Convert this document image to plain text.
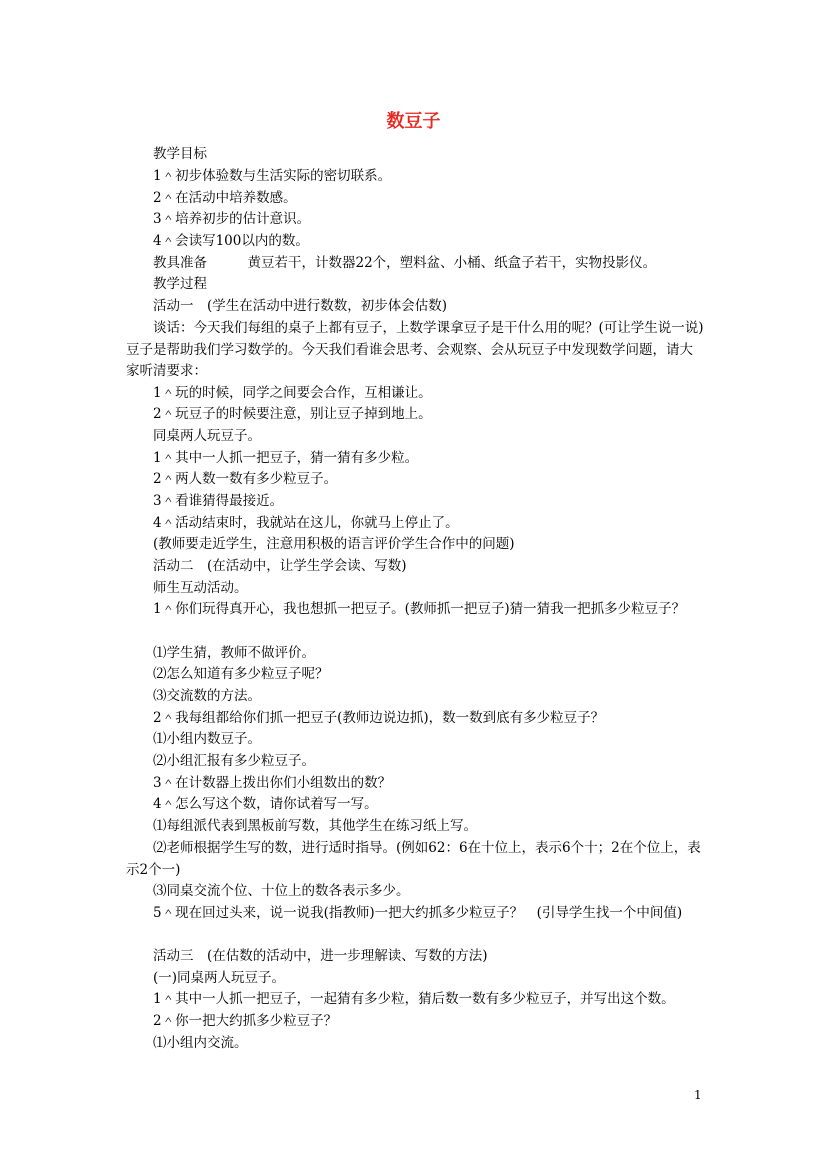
数豆子
教学目标
1＾初步体验数与生活实际的密切联系。
2＾在活动中培养数感。
3＾培养初步的估计意识。
4＾会读写100以内的数。
教具准备　　　黄豆若干，计数器22个，塑料盆、小桶、纸盒子若干，实物投影仪。
教学过程
活动一　(学生在活动中进行数数，初步体会估数)
谈话：今天我们每组的桌子上都有豆子，上数学课拿豆子是干什么用的呢？(可让学生说一说)豆子是帮助我们学习数学的。今天我们看谁会思考、会观察、会从玩豆子中发现数学问题，请大家听清要求：
1＾玩的时候，同学之间要会合作，互相谦让。
2＾玩豆子的时候要注意，别让豆子掉到地上。
同桌两人玩豆子。
1＾其中一人抓一把豆子，猜一猜有多少粒。
2＾两人数一数有多少粒豆子。
3＾看谁猜得最接近。
4＾活动结束时，我就站在这儿，你就马上停止了。
(教师要走近学生，注意用积极的语言评价学生合作中的问题)
活动二　(在活动中，让学生学会读、写数)
师生互动活动。
1＾你们玩得真开心，我也想抓一把豆子。(教师抓一把豆子)猜一猜我一把抓多少粒豆子？
⑴学生猜，教师不做评价。
⑵怎么知道有多少粒豆子呢？
⑶交流数的方法。
2＾我每组都给你们抓一把豆子(教师边说边抓)，数一数到底有多少粒豆子？
⑴小组内数豆子。
⑵小组汇报有多少粒豆子。
3＾在计数器上拨出你们小组数出的数？
4＾怎么写这个数，请你试着写一写。
⑴每组派代表到黑板前写数，其他学生在练习纸上写。
⑵老师根据学生写的数，进行适时指导。(例如62：6在十位上，表示6个十；2在个位上，表示2个一)
⑶同桌交流个位、十位上的数各表示多少。
5＾现在回过头来，说一说我(指教师)一把大约抓多少粒豆子？　(引导学生找一个中间值)
活动三　(在估数的活动中，进一步理解读、写数的方法)
(一)同桌两人玩豆子。
1＾其中一人抓一把豆子，一起猜有多少粒，猜后数一数有多少粒豆子，并写出这个数。
2＾你一把大约抓多少粒豆子？
⑴小组内交流。
1
